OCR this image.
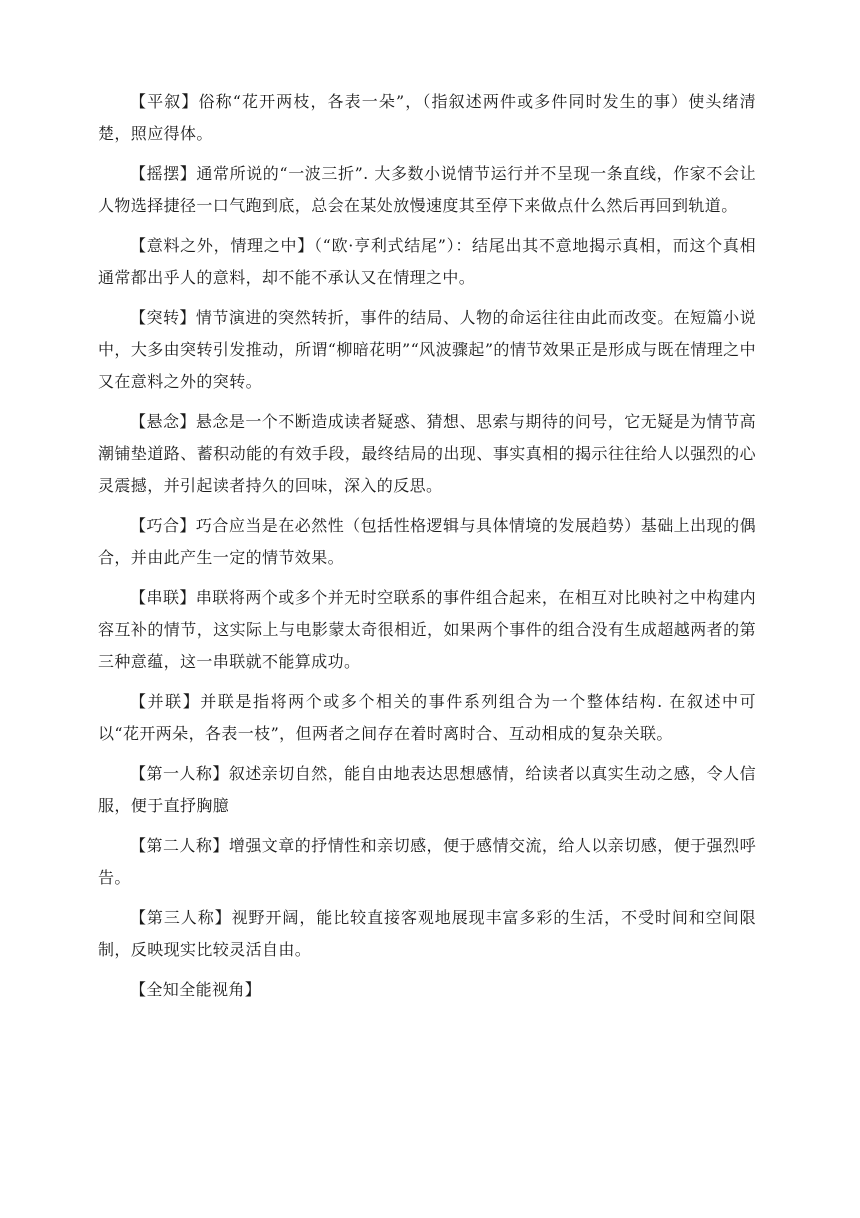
【平叙】俗称“花开两枝，各表一朵”，（指叙述两件或多件同时发生的事）使头绪清楚，照应得体。

【摇摆】通常所说的“一波三折”. 大多数小说情节运行并不呈现一条直线，作家不会让人物选择捷径一口气跑到底，总会在某处放慢速度其至停下来做点什么然后再回到轨道。

【意料之外，情理之中】（“欧·亨利式结尾”）：结尾出其不意地揭示真相，而这个真相通常都出乎人的意料，却不能不承认又在情理之中。

【突转】情节演进的突然转折，事件的结局、人物的命运往往由此而改变。在短篇小说中，大多由突转引发推动，所谓“柳暗花明”“风波骤起”的情节效果正是形成与既在情理之中又在意料之外的突转。

【悬念】悬念是一个不断造成读者疑惑、猜想、思索与期待的问号，它无疑是为情节高潮铺垫道路、蓄积动能的有效手段，最终结局的出现、事实真相的揭示往往给人以强烈的心灵震撼，并引起读者持久的回味，深入的反思。

【巧合】巧合应当是在必然性（包括性格逻辑与具体情境的发展趋势）基础上出现的偶合，并由此产生一定的情节效果。

【串联】串联将两个或多个并无时空联系的事件组合起来，在相互对比映衬之中构建内容互补的情节，这实际上与电影蒙太奇很相近，如果两个事件的组合没有生成超越两者的第三种意蕴，这一串联就不能算成功。

【并联】并联是指将两个或多个相关的事件系列组合为一个整体结构. 在叙述中可以“花开两朵，各表一枝”，但两者之间存在着时离时合、互动相成的复杂关联。

【第一人称】叙述亲切自然，能自由地表达思想感情，给读者以真实生动之感，令人信服，便于直抒胸臆

【第二人称】增强文章的抒情性和亲切感，便于感情交流，给人以亲切感，便于强烈呼告。

【第三人称】视野开阔，能比较直接客观地展现丰富多彩的生活，不受时间和空间限制，反映现实比较灵活自由。

【全知全能视角】
